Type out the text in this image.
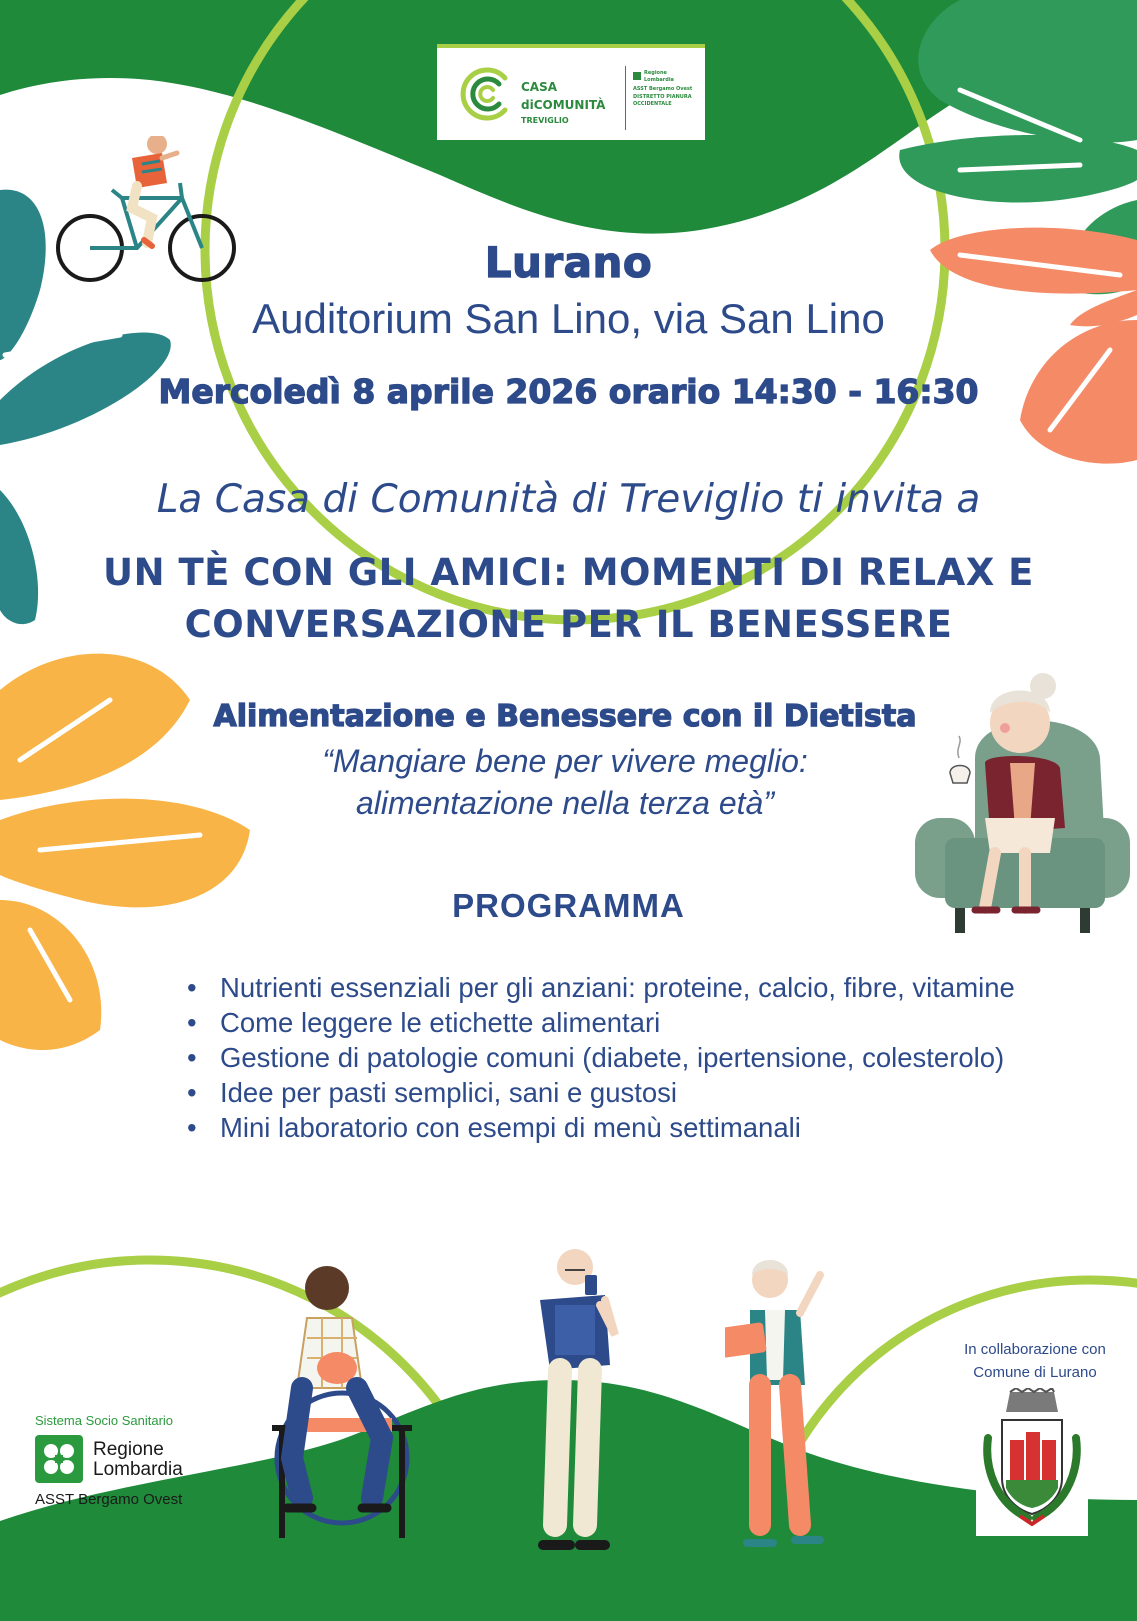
CASA
diCOMUNITÀ
TREVIGLIO
Regione
Lombardia
ASST Bergamo Ovest
DISTRETTO PIANURA
OCCIDENTALE
Lurano
Auditorium San Lino, via San Lino
Mercoledì 8 aprile 2026 orario 14:30 - 16:30
La Casa di Comunità di Treviglio ti invita a
UN TÈ CON GLI AMICI: MOMENTI DI RELAX E
CONVERSAZIONE PER IL BENESSERE
Alimentazione e Benessere con il Dietista
“Mangiare bene per vivere meglio:
alimentazione nella terza età”
PROGRAMMA
• Nutrienti essenziali per gli anziani: proteine, calcio, fibre, vitamine
• Come leggere le etichette alimentari
• Gestione di patologie comuni (diabete, ipertensione, colesterolo)
• Idee per pasti semplici, sani e gustosi
• Mini laboratorio con esempi di menù settimanali
Sistema Socio Sanitario
Regione
Lombardia
ASST Bergamo Ovest
In collaborazione con
Comune di Lurano
